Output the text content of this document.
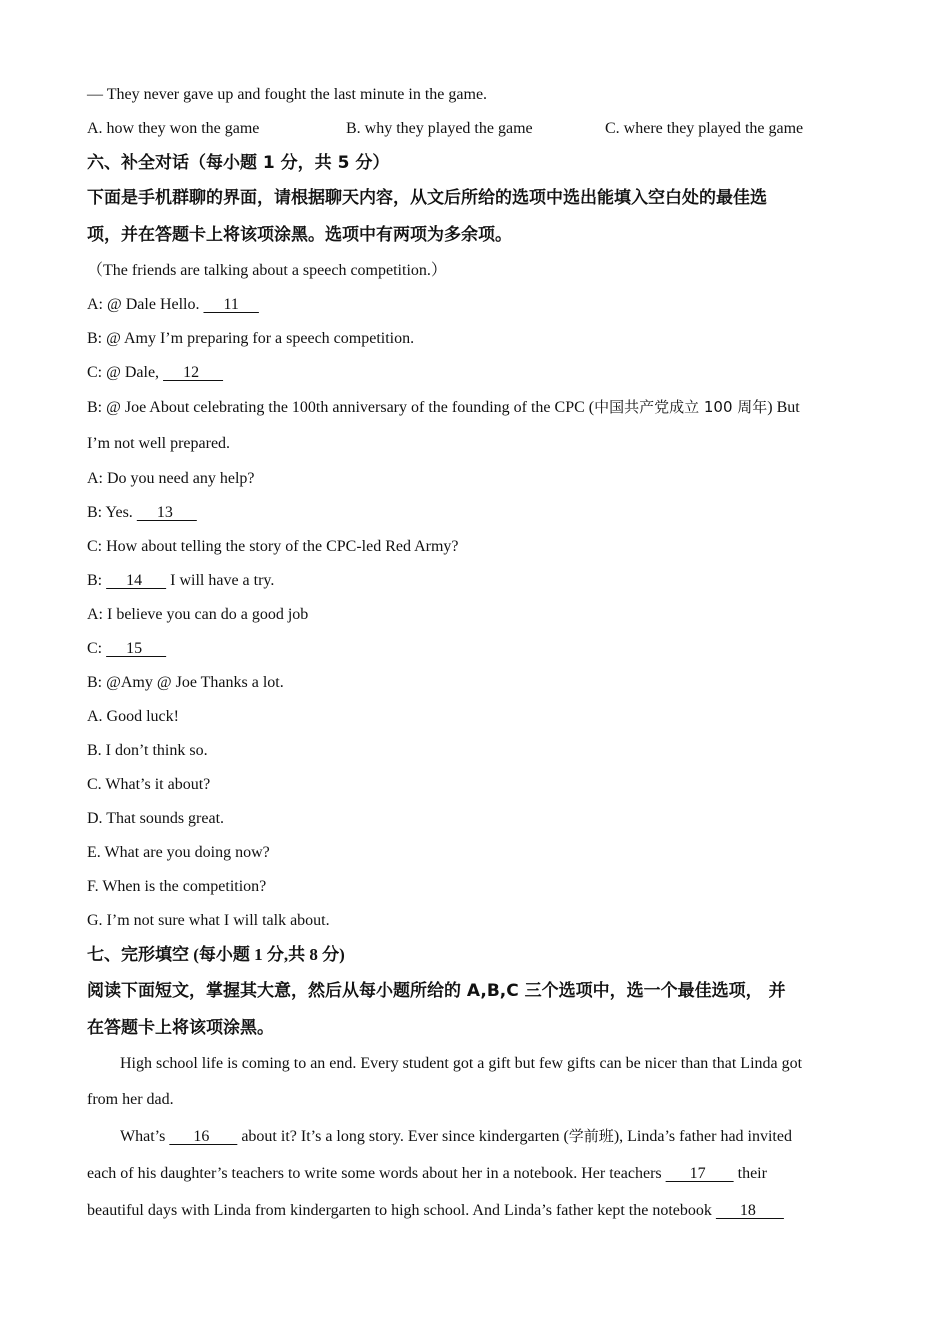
— They never gave up and fought the last minute in the game.
A. how they won the game	B. why they played the game	C. where they played the game
六、补全对话（每小题 1 分，共 5 分）
下面是手机群聊的界面，请根据聊天内容，从文后所给的选项中选出能填入空白处的最佳选
项，并在答题卡上将该项涂黑。选项中有两项为多余项。
（The friends are talking about a speech competition.）
A: @ Dale Hello.      11
B: @ Amy I’m preparing for a speech competition.
C: @ Dale,      12
B: @ Joe About celebrating the 100th anniversary of the founding of the CPC (中国共产党成立 100 周年) But
I’m not well prepared.
A: Do you need any help?
B: Yes.      13
C: How about telling the story of the CPC-led Red Army?
B:      14       I will have a try.
A: I believe you can do a good job
C:      15
B: @Amy @ Joe Thanks a lot.
A. Good luck!
B. I don’t think so.
C. What’s it about?
D. That sounds great.
E. What are you doing now?
F. When is the competition?
G. I’m not sure what I will talk about.
七、完形填空 (每小题 1 分,共 8 分)
阅读下面短文，掌握其大意，然后从每小题所给的 A,B,C 三个选项中，选一个最佳选项， 并
在答题卡上将该项涂黑。
High school life is coming to an end. Every student got a gift but few gifts can be nicer than that Linda got
from her dad.
What’s       16        about it? It’s a long story. Ever since kindergarten (学前班), Linda’s father had invited
each of his daughter’s teachers to write some words about her in a notebook. Her teachers       17        their
beautiful days with Linda from kindergarten to high school. And Linda’s father kept the notebook       18
